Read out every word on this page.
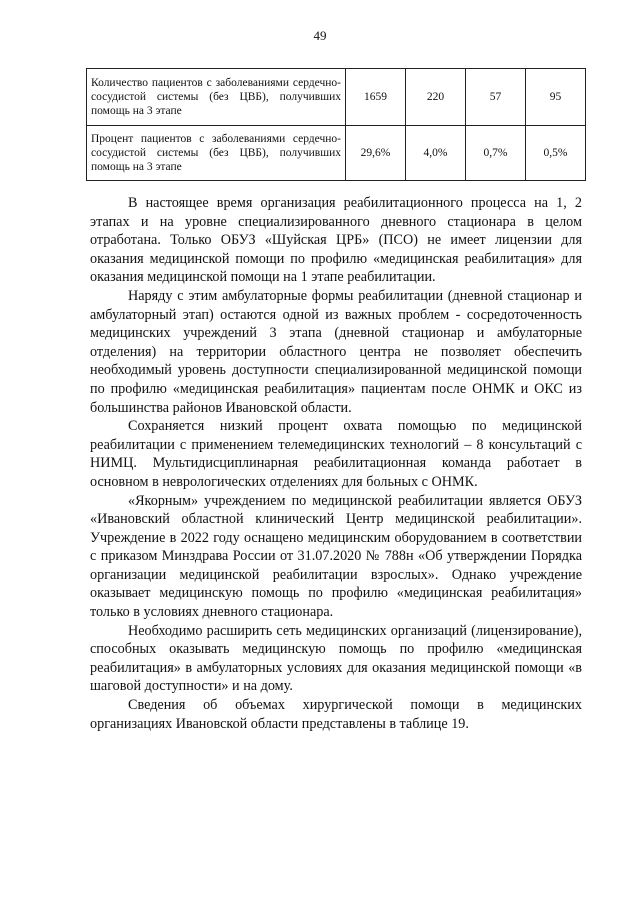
49
Количество пациентов с заболеваниями сердечно-сосудистой системы (без ЦВБ), получивших помощь на 3 этапе	1659	220	57	95
Процент пациентов с заболеваниями сердечно-сосудистой системы (без ЦВБ), получивших помощь на 3 этапе	29,6%	4,0%	0,7%	0,5%

В настоящее время организация реабилитационного процесса на 1, 2 этапах и на уровне специализированного дневного стационара в целом отработана. Только ОБУЗ «Шуйская ЦРБ» (ПСО) не имеет лицензии для оказания медицинской помощи по профилю «медицинская реабилитация» для оказания медицинской помощи на 1 этапе реабилитации.

Наряду с этим амбулаторные формы реабилитации (дневной стационар и амбулаторный этап) остаются одной из важных проблем - сосредоточенность медицинских учреждений 3 этапа (дневной стационар и амбулаторные отделения) на территории областного центра не позволяет обеспечить необходимый уровень доступности специализированной медицинской помощи по профилю «медицинская реабилитация» пациентам после ОНМК и ОКС из большинства районов Ивановской области.

Сохраняется низкий процент охвата помощью по медицинской реабилитации с применением телемедицинских технологий – 8 консультаций с НИМЦ. Мультидисциплинарная реабилитационная команда работает в основном в неврологических отделениях для больных с ОНМК.

«Якорным» учреждением по медицинской реабилитации является ОБУЗ «Ивановский областной клинический Центр медицинской реабилитации». Учреждение в 2022 году оснащено медицинским оборудованием в соответствии с приказом Минздрава России от 31.07.2020 № 788н «Об утверждении Порядка организации медицинской реабилитации взрослых». Однако учреждение оказывает медицинскую помощь по профилю «медицинская реабилитация» только в условиях дневного стационара.

Необходимо расширить сеть медицинских организаций (лицензирование), способных оказывать медицинскую помощь по профилю «медицинская реабилитация» в амбулаторных условиях для оказания медицинской помощи «в шаговой доступности» и на дому.

Сведения об объемах хирургической помощи в медицинских организациях Ивановской области представлены в таблице 19.
